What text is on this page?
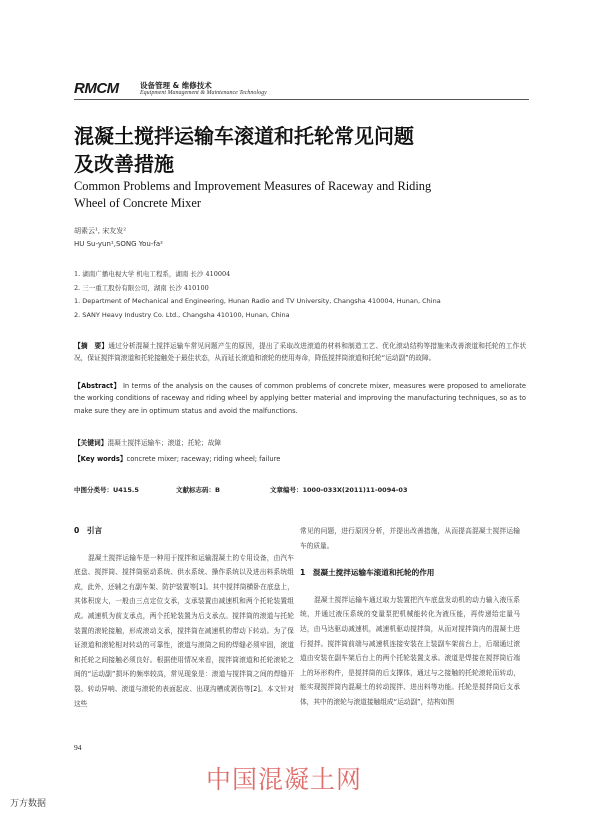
RMCM	设备管理 & 维修技术
Equipment Management & Maintenance Technology
混凝土搅拌运输车滚道和托轮常见问题
及改善措施
Common Problems and Improvement Measures of Raceway and Riding
Wheel of Concrete Mixer
胡素云¹, 宋友发²
HU Su-yun¹,SONG You-fa²
1. 湖南广播电视大学 机电工程系，湖南 长沙 410004
2. 三一重工股份有限公司，湖南 长沙 410100
1. Department of Mechanical and Engineering, Hunan Radio and TV University, Changsha 410004, Hunan, China
2. SANY Heavy Industry Co. Ltd., Changsha 410100, Hunan, China
【摘　要】通过分析混凝土搅拌运输车常见问题产生的原因，提出了采取改进滚道的材料和制造工艺、优化滚动结构等措施来改善滚道和托轮的工作状况，保证搅拌筒滚道和托轮接触处于最佳状态，从而延长滚道和滚轮的使用寿命，降低搅拌筒滚道和托轮“运动副”的故障。
【Abstract】 In terms of the analysis on the causes of common problems of concrete mixer, measures were proposed to ameliorate the working conditions of raceway and riding wheel by applying better material and improving the manufacturing techniques, so as to make sure they are in optimum status and avoid the malfunctions.
【关键词】混凝土搅拌运输车；滚道；托轮；故障
【Key words】concrete mixer; raceway; riding wheel; failure
中图分类号：U415.5	文献标志码：B	文章编号：1000-033X(2011)11-0094-03
0　引言

混凝土搅拌运输车是一种用于搅拌和运输混凝土的专用设备，由汽车底盘、搅拌筒、搅拌筒驱动系统、供水系统、操作系统以及进出料系统组成，此外，还辅之有副车架、防护装置等[1]。其中搅拌筒横卧在底盘上，其体积庞大，一般由三点定位支承，支承装置由减速机和两个托轮装置组成。减速机为前支承点，两个托轮装置为后支承点。搅拌筒的滚道与托轮装置的滚轮接触，形成滚动支承，搅拌筒在减速机的带动下转动。为了保证滚道和滚轮相对转动的可靠性，滚道与滚筒之间的焊缝必须牢固，滚道和托轮之间接触必须良好。根据使用情况来看，搅拌筒滚道和托轮滚轮之间的“运动副”损坏的频率较高，常见现象是：滚道与搅拌筒之间的焊缝开裂、转动异响、滚道与滚轮的表面起皮、出现沟槽或剥伤等[2]。本文针对这些

常见的问题，进行原因分析，并提出改善措施，从而提高混凝土搅拌运输车的质量。

1　混凝土搅拌运输车滚道和托轮的作用

混凝土搅拌运输车通过取力装置把汽车底盘发动机的动力输入液压系统，并通过液压系统的变量泵把机械能转化为液压能，再传递给定量马达，由马达驱动减速机，减速机驱动搅拌筒，从而对搅拌筒内的混凝土进行搅拌。搅拌筒前端与减速机连接安装在上装副车架前台上，后端通过滚道由安装在副车架后台上的两个托轮装置支承。滚道是焊接在搅拌筒后端上的环形构件，是搅拌筒的后支撑体，通过与之接触的托轮滚轮而转动，能实现搅拌筒内混凝土的转动搅拌、进出料等功能。托轮是搅拌筒后支承体，其中的滚轮与滚道接触组成“运动副”，结构如图

94
中国混凝土网
万方数据
